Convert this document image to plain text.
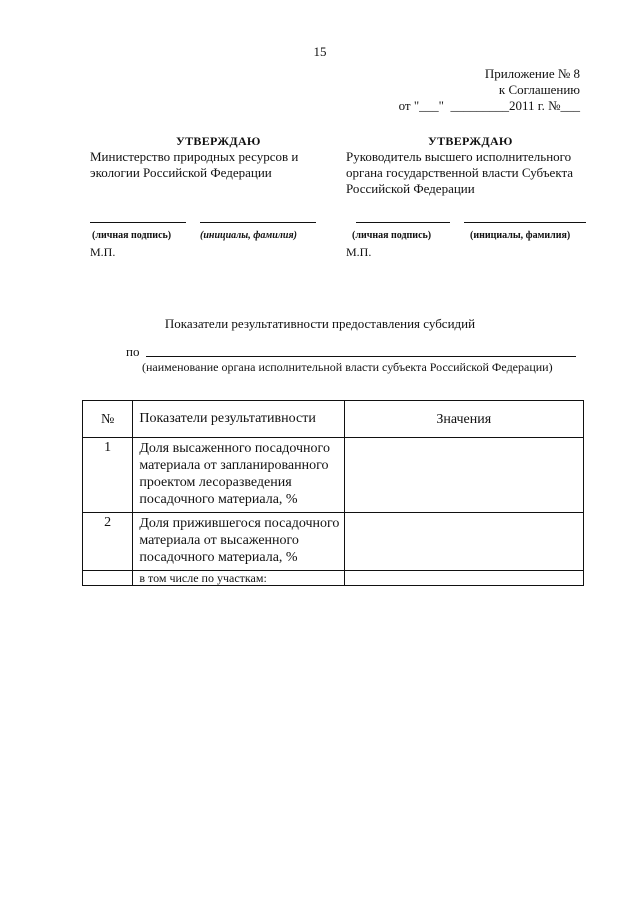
15
Приложение № 8
к Соглашению
от "___"  _________2011 г. №___
УТВЕРЖДАЮ
Министерство природных ресурсов и
экологии Российской Федерации
(личная подпись)	(инициалы, фамилия)
М.П.
УТВЕРЖДАЮ
Руководитель высшего исполнительного
органа государственной власти Субъекта
Российской Федерации
(личная подпись)	(инициалы, фамилия)
М.П.
Показатели результативности предоставления субсидий
по
(наименование органа исполнительной власти субъекта Российской Федерации)
№	Показатели результативности	Значения
1	Доля высаженного посадочного материала от запланированного проектом лесоразведения посадочного материала, %	
2	Доля прижившегося посадочного материала от высаженного посадочного материала, %	
	в том числе по участкам:	
